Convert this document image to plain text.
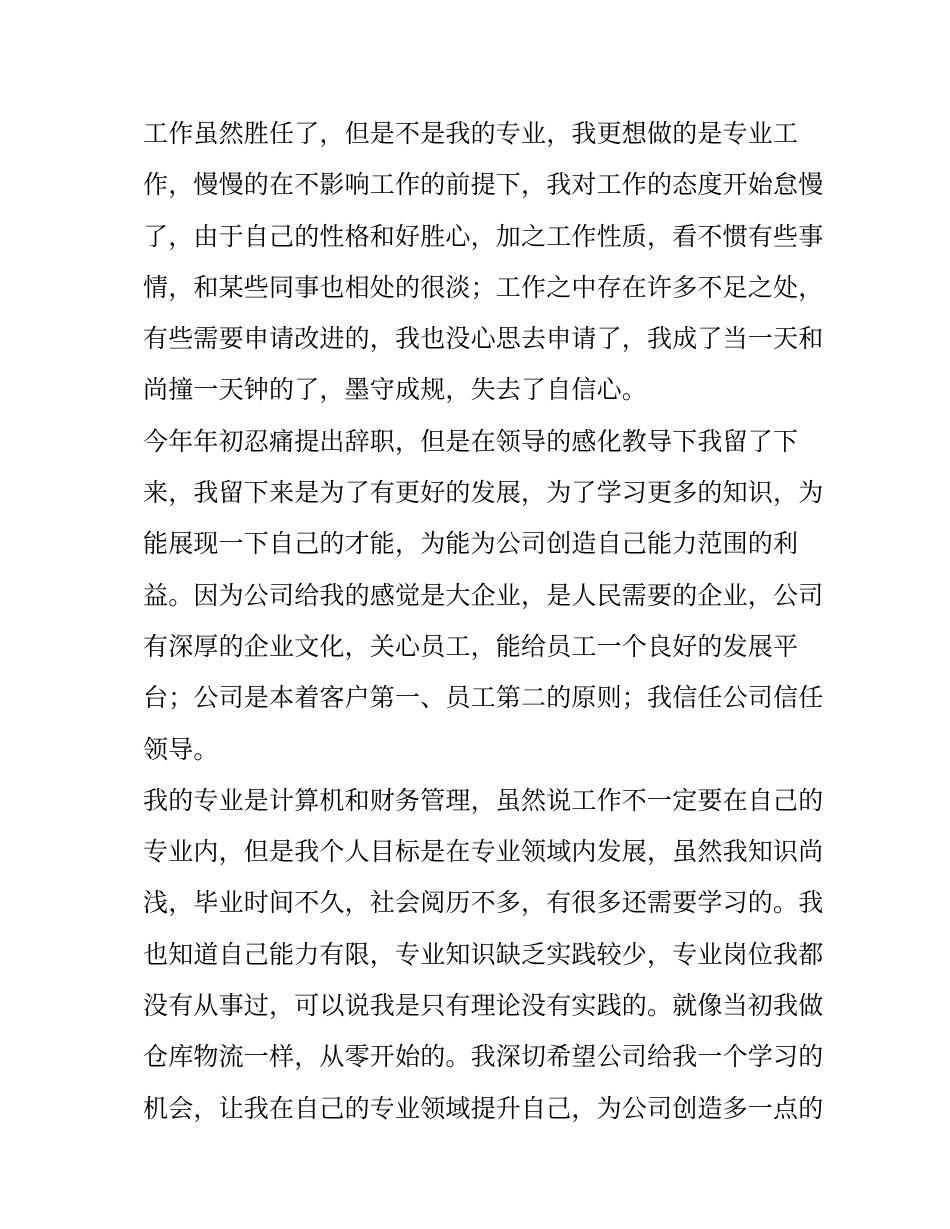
工作虽然胜任了，但是不是我的专业，我更想做的是专业工
作，慢慢的在不影响工作的前提下，我对工作的态度开始怠慢
了，由于自己的性格和好胜心，加之工作性质，看不惯有些事
情，和某些同事也相处的很淡；工作之中存在许多不足之处，
有些需要申请改进的，我也没心思去申请了，我成了当一天和
尚撞一天钟的了，墨守成规，失去了自信心。
今年年初忍痛提出辞职，但是在领导的感化教导下我留了下
来，我留下来是为了有更好的发展，为了学习更多的知识，为
能展现一下自己的才能，为能为公司创造自己能力范围的利
益。因为公司给我的感觉是大企业，是人民需要的企业，公司
有深厚的企业文化，关心员工，能给员工一个良好的发展平
台；公司是本着客户第一、员工第二的原则；我信任公司信任
领导。
我的专业是计算机和财务管理，虽然说工作不一定要在自己的
专业内，但是我个人目标是在专业领域内发展，虽然我知识尚
浅，毕业时间不久，社会阅历不多，有很多还需要学习的。我
也知道自己能力有限，专业知识缺乏实践较少，专业岗位我都
没有从事过，可以说我是只有理论没有实践的。就像当初我做
仓库物流一样，从零开始的。我深切希望公司给我一个学习的
机会，让我在自己的专业领域提升自己，为公司创造多一点的
